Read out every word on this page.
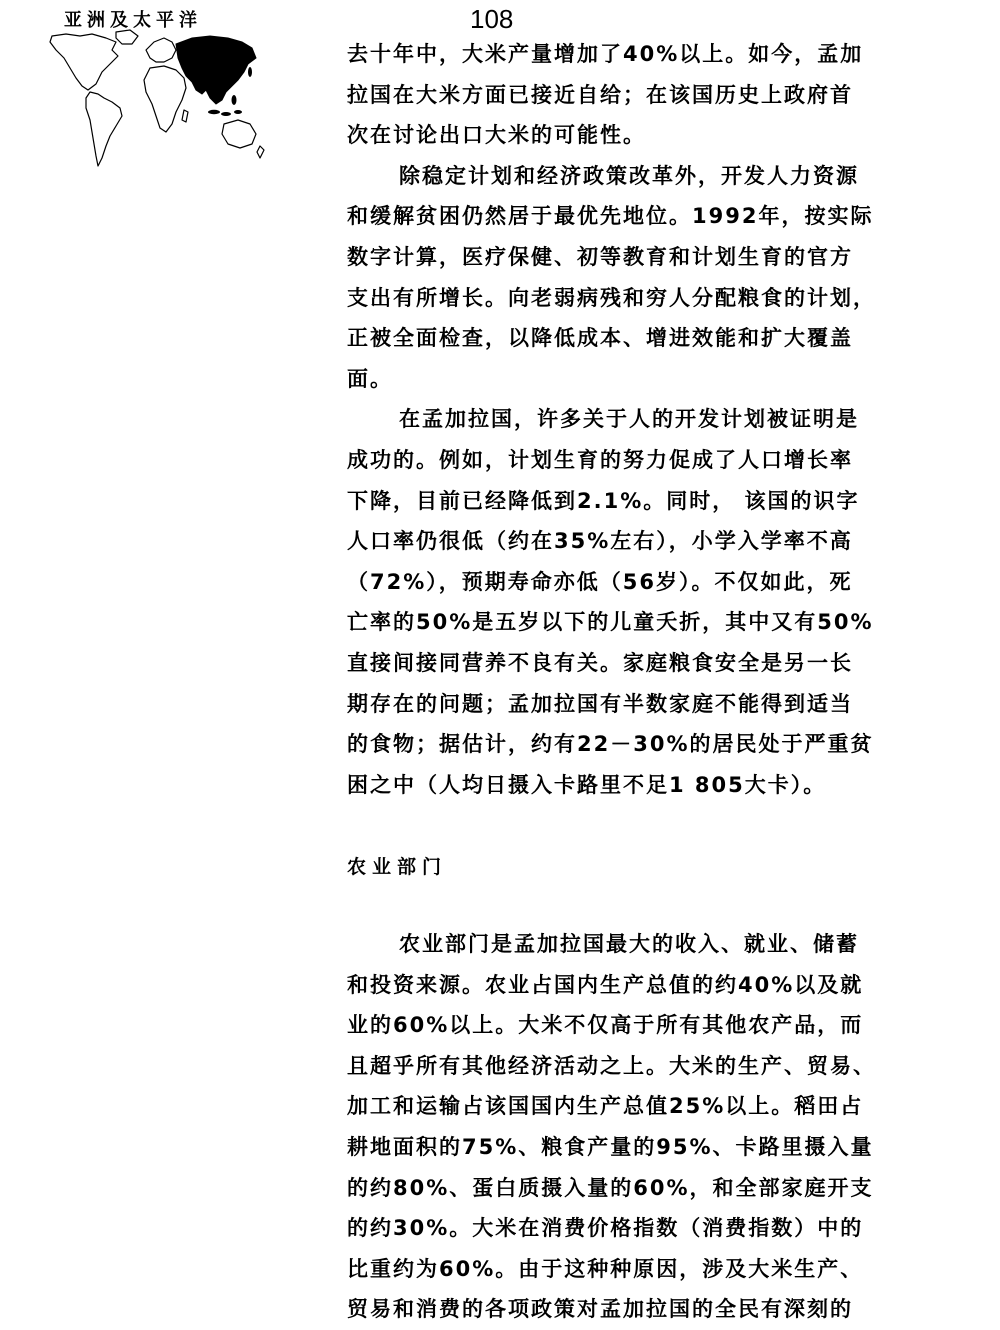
亚洲及太平洋	108
去十年中，大米产量增加了40%以上。如今，孟加
拉国在大米方面已接近自给；在该国历史上政府首
次在讨论出口大米的可能性。
除稳定计划和经济政策改革外，开发人力资源
和缓解贫困仍然居于最优先地位。1992年，按实际
数字计算，医疗保健、初等教育和计划生育的官方
支出有所增长。向老弱病残和穷人分配粮食的计划，
正被全面检查，以降低成本、增进效能和扩大覆盖
面。
在孟加拉国，许多关于人的开发计划被证明是
成功的。例如，计划生育的努力促成了人口增长率
下降，目前已经降低到2.1%。同时， 该国的识字
人口率仍很低（约在35%左右），小学入学率不高
（72%），预期寿命亦低（56岁）。不仅如此，死
亡率的50%是五岁以下的儿童夭折，其中又有50%
直接间接同营养不良有关。家庭粮食安全是另一长
期存在的问题；孟加拉国有半数家庭不能得到适当
的食物；据估计，约有22－30%的居民处于严重贫
困之中（人均日摄入卡路里不足1 805大卡）。
农业部门
农业部门是孟加拉国最大的收入、就业、储蓄
和投资来源。农业占国内生产总值的约40%以及就
业的60%以上。大米不仅高于所有其他农产品，而
且超乎所有其他经济活动之上。大米的生产、贸易、
加工和运输占该国国内生产总值25%以上。稻田占
耕地面积的75%、粮食产量的95%、卡路里摄入量
的约80%、蛋白质摄入量的60%，和全部家庭开支
的约30%。大米在消费价格指数（消费指数）中的
比重约为60%。由于这种种原因，涉及大米生产、
贸易和消费的各项政策对孟加拉国的全民有深刻的
